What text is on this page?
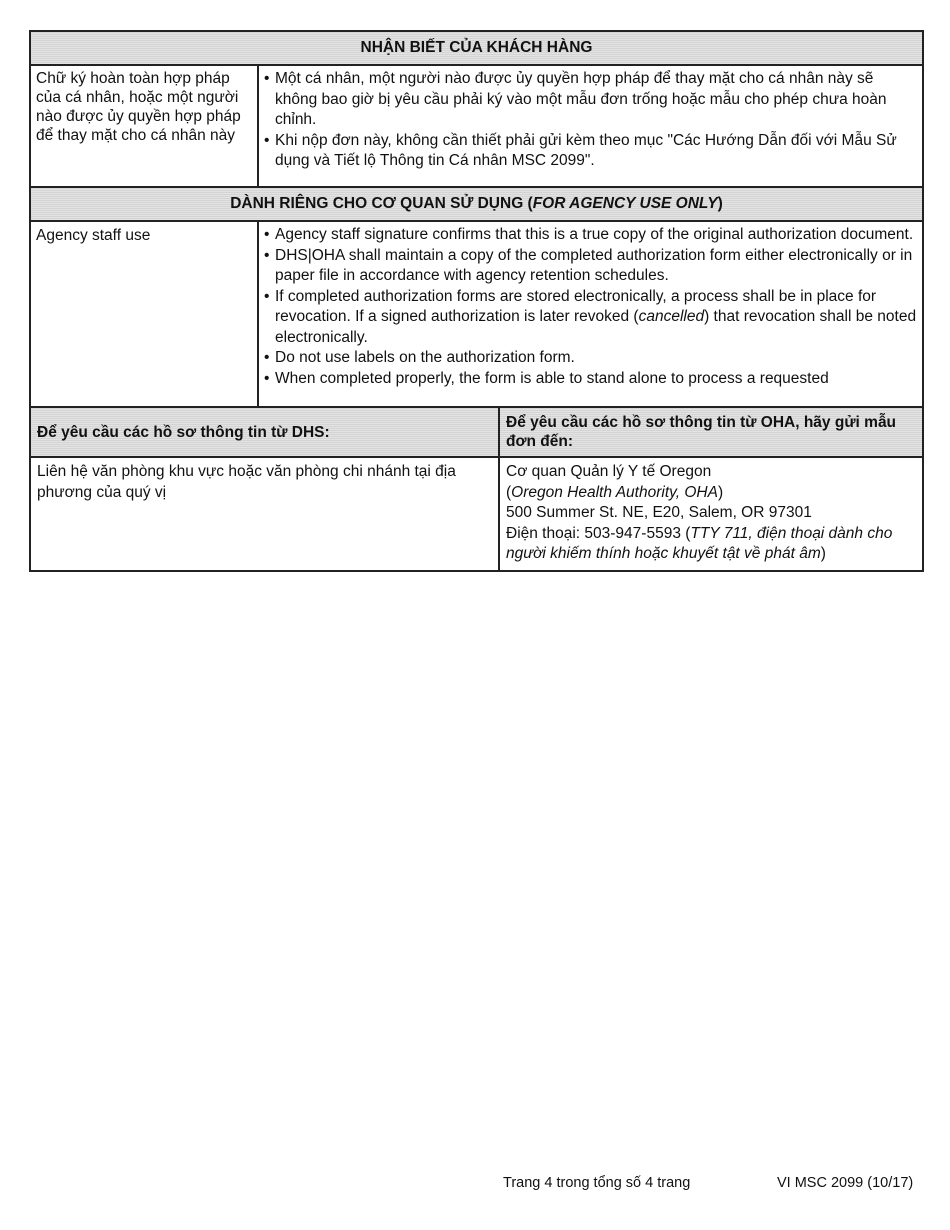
NHẬN BIẾT CỦA KHÁCH HÀNG
Chữ ký hoàn toàn hợp pháp của cá nhân, hoặc một người nào được ủy quyền hợp pháp để thay mặt cho cá nhân này
• Một cá nhân, một người nào được ủy quyền hợp pháp để thay mặt cho cá nhân này sẽ không bao giờ bị yêu cầu phải ký vào một mẫu đơn trống hoặc mẫu cho phép chưa hoàn chỉnh.
• Khi nộp đơn này, không cần thiết phải gửi kèm theo mục "Các Hướng Dẫn đối với Mẫu Sử dụng và Tiết lộ Thông tin Cá nhân MSC 2099".
DÀNH RIÊNG CHO CƠ QUAN SỬ DỤNG (FOR AGENCY USE ONLY)
Agency staff use
•	Agency staff signature confirms that this is a true copy of the original authorization document.
• DHS|OHA shall maintain a copy of the completed authorization form either electronically or in paper file in accordance with agency retention schedules.
• If completed authorization forms are stored electronically, a process shall be in place for revocation. If a signed authorization is later revoked (cancelled) that revocation shall be noted electronically.
• Do not use labels on the authorization form.
• When completed properly, the form is able to stand alone to process a requested
Để yêu cầu các hồ sơ thông tin từ DHS:
Để yêu cầu các hồ sơ thông tin từ OHA, hãy gửi mẫu đơn đến:
Liên hệ văn phòng khu vực hoặc văn phòng chi nhánh tại địa phương của quý vị
Cơ quan Quản lý Y tế Oregon
(Oregon Health Authority, OHA)
500 Summer St. NE, E20, Salem, OR 97301
Điện thoại: 503-947-5593 (TTY 711, điện thoại dành cho người khiếm thính hoặc khuyết tật về phát âm)
Trang 4 trong tổng số 4 trang	VI MSC 2099 (10/17)
